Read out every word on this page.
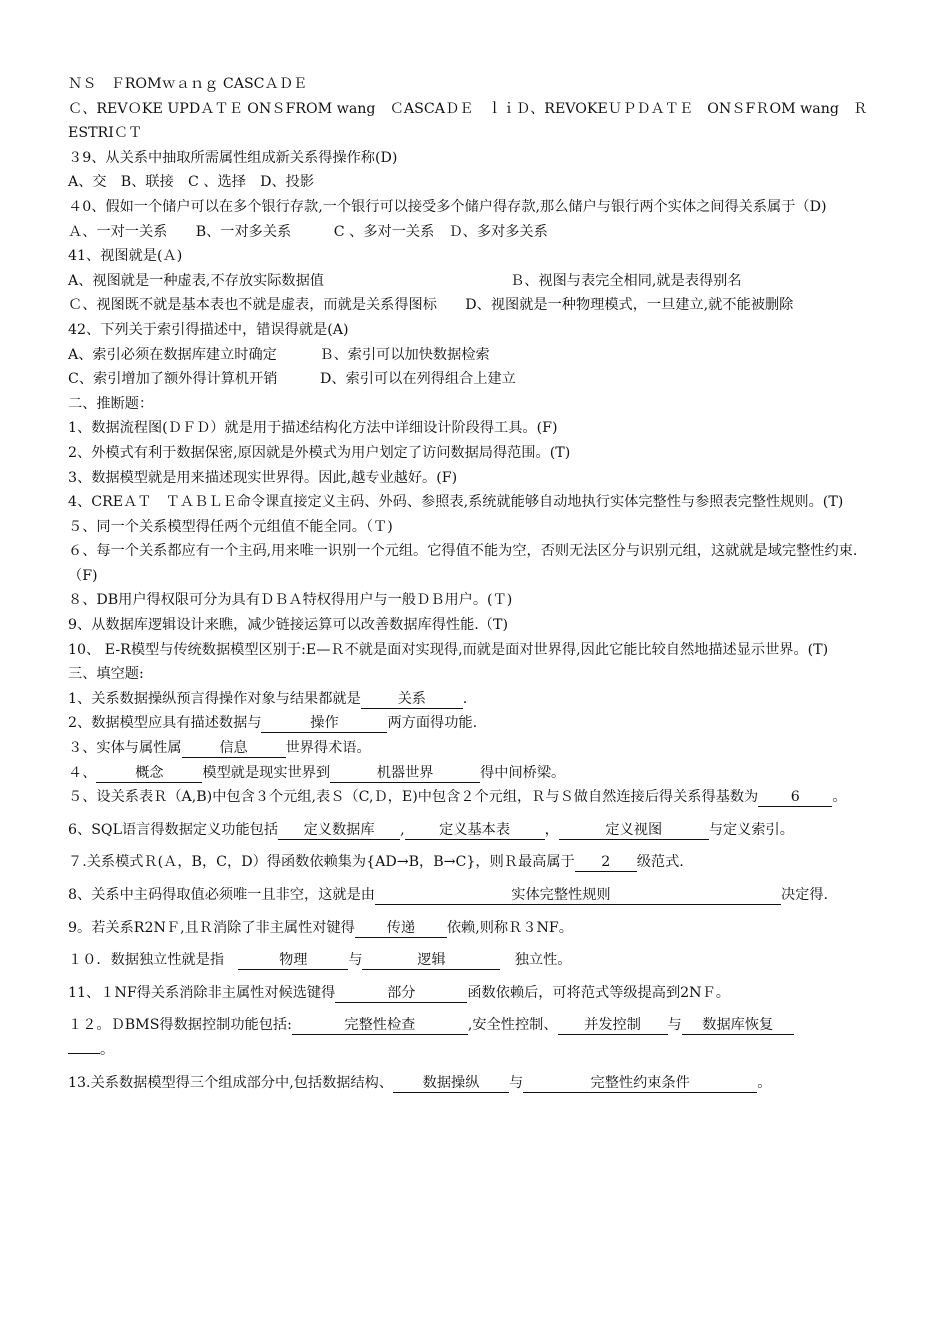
ＮＳ　ＦROMｗａｎｇ CASCＡＤＥ

Ｃ、REVＯKE UPDＡＴＥ ONＳFROM wang　ＣASCAＤＥ　ｌｉＤ、REVOKEＵＰＤＡＴＥ　ONＳFＲOM wang　ＲESTRIＣＴ

３9、从关系中抽取所需属性组成新关系得操作称(D)

A、交　B、联接　C 、选择　D、投影

４0、假如一个储户可以在多个银行存款,一个银行可以接受多个储户得存款,那么储户与银行两个实体之间得关系属于（D)

Ａ、一对一关系　　B、一对多关系　　　C 、多对一关系　Ｄ、多对多关系

41、视图就是(Ａ)

A、视图就是一种虚表,不存放实际数据值	Ｂ、视图与表完全相同,就是表得别名

Ｃ、视图既不就是基本表也不就是虚表，而就是关系得图标　　 D、视图就是一种物理模式，一旦建立,就不能被删除

42、下列关于索引得描述中，错误得就是(A)

A、索引必须在数据库建立时确定　　　Ｂ、索引可以加快数据检索

C、索引增加了额外得计算机开销　　　D、索引可以在列得组合上建立

二、推断题：

1、数据流程图(ＤＦＤ）就是用于描述结构化方法中详细设计阶段得工具。(F)

2、外模式有利于数据保密,原因就是外模式为用户划定了访问数据局得范围。(T)

3、数据模型就是用来描述现实世界得。因此,越专业越好。(F)

4、CREＡＴ　ＴＡＢＬＥ命令课直接定义主码、外码、参照表,系统就能够自动地执行实体完整性与参照表完整性规则。(T)

５、同一个关系模型得任两个元组值不能全同。（Ｔ)

６、每一个关系都应有一个主码,用来唯一识别一个元组。它得值不能为空，否则无法区分与识别元组，这就就是域完整性约束.（F)

８、DB用户得权限可分为具有ＤＢＡ特权得用户与一般ＤＢ用户。(Ｔ)

9、从数据库逻辑设计来瞧，减少链接运算可以改善数据库得性能.（T)

10、 E-R模型与传统数据模型区别于:E—Ｒ不就是面对实现得,而就是面对世界得,因此它能比较自然地描述显示世界。(T)

三、填空题:

1、关系数据操纵预言得操作对象与结果都就是	关系	.

2、数据模型应具有描述数据与	操作	两方面得功能.

３、实体与属性属	信息	世界得术语。

４、	概念	模型就是现实世界到	机器世界	得中间桥梁。

５、设关系表Ｒ（A,B)中包含３个元组,表Ｓ（C,Ｄ，E)中包含２个元组，Ｒ与Ｓ做自然连接后得关系得基数为 6 。

6、SQL语言得数据定义功能包括 定义数据库 , 定义基本表 ，	定义视图	与定义索引。

７.关系模式Ｒ(Ａ，B，C，D）得函数依赖集为{AD→B，B→C}，则Ｒ最高属于 2 级范式.

8、关系中主码得取值必须唯一且非空，这就是由	实体完整性规则	决定得.

9。若关系R2NＦ,且Ｒ消除了非主属性对键得 传递 依赖,则称Ｒ３NF。

１０．数据独立性就是指　	物理	与	逻辑　	独立性。

11、１NF得关系消除非主属性对候选键得	部分	函数依赖后，可将范式等级提高到2NＦ。

１２。ＤBMS得数据控制功能包括:	完整性检查	,安全性控制、 并发控制 与 数据库恢复
。

13.关系数据模型得三个组成部分中,包括数据结构、 数据操纵 与	完整性约束条件	。
